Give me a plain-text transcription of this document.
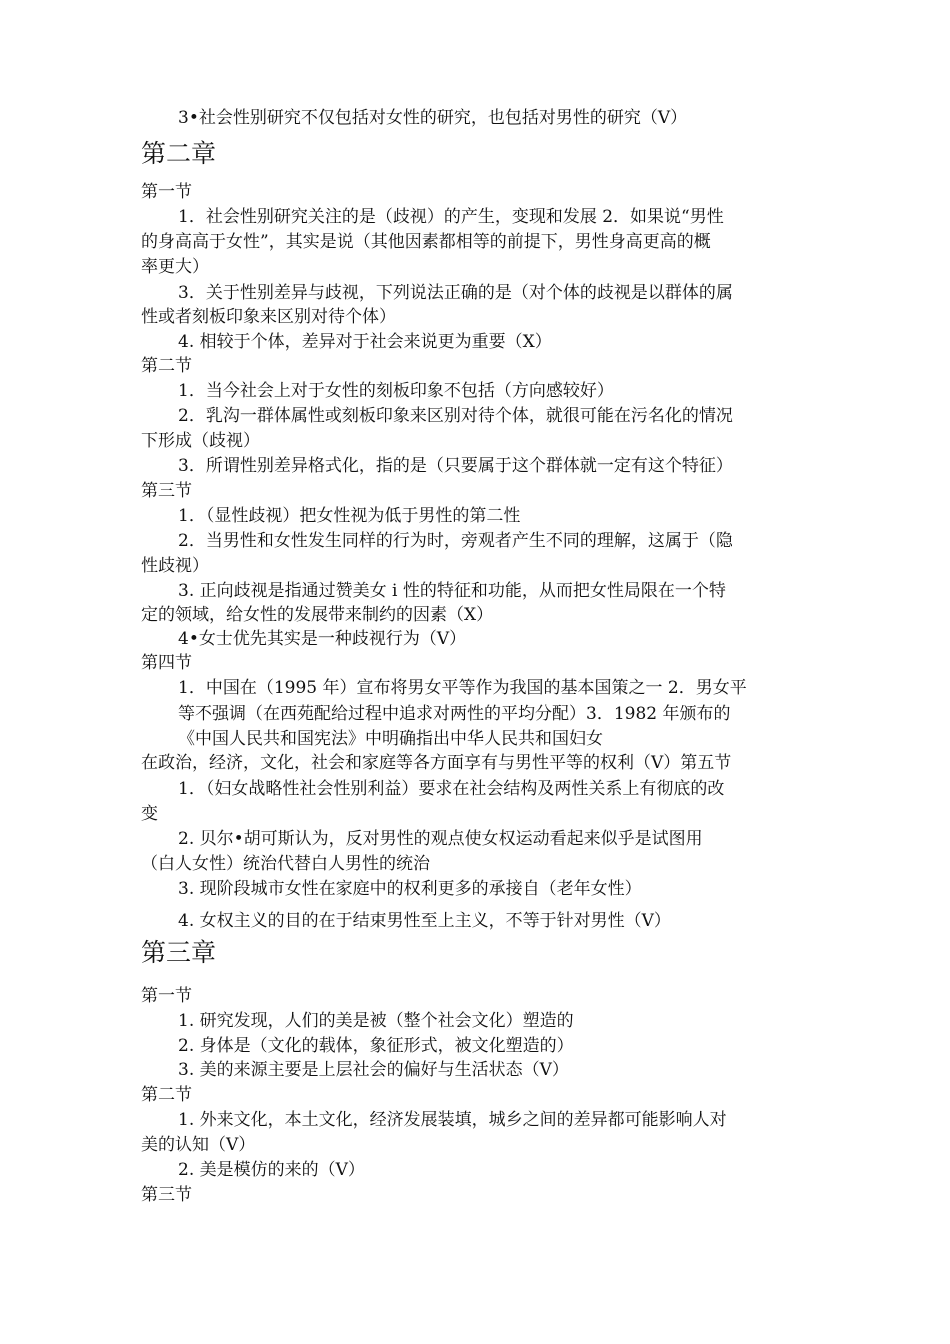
3•社会性别研究不仅包括对女性的研究，也包括对男性的研究（V）
第二章
第一节
1．社会性别研究关注的是（歧视）的产生，变现和发展 2．如果说“男性
的身高高于女性”，其实是说（其他因素都相等的前提下，男性身高更高的概
率更大）
3．关于性别差异与歧视，下列说法正确的是（对个体的歧视是以群体的属
性或者刻板印象来区别对待个体）
4. 相较于个体，差异对于社会来说更为重要（X）
第二节
1．当今社会上对于女性的刻板印象不包括（方向感较好）
2．乳沟一群体属性或刻板印象来区别对待个体，就很可能在污名化的情况
下形成（歧视）
3．所谓性别差异格式化，指的是（只要属于这个群体就一定有这个特征）
第三节
1．（显性歧视）把女性视为低于男性的第二性
2．当男性和女性发生同样的行为时，旁观者产生不同的理解，这属于（隐
性歧视）
3. 正向歧视是指通过赞美女 i 性的特征和功能，从而把女性局限在一个特
定的领域，给女性的发展带来制约的因素（X）
4•女士优先其实是一种歧视行为（V）
第四节
1．中国在（1995 年）宣布将男女平等作为我国的基本国策之一 2．男女平
等不强调（在西苑配给过程中追求对两性的平均分配）3．1982 年颁布的
《中国人民共和国宪法》中明确指出中华人民共和国妇女
在政治，经济，文化，社会和家庭等各方面享有与男性平等的权利（V）第五节
1．（妇女战略性社会性别利益）要求在社会结构及两性关系上有彻底的改
变
2. 贝尔•胡可斯认为，反对男性的观点使女权运动看起来似乎是试图用
（白人女性）统治代替白人男性的统治
3. 现阶段城市女性在家庭中的权利更多的承接自（老年女性）
4. 女权主义的目的在于结束男性至上主义，不等于针对男性（V）
第三章
第一节
1. 研究发现，人们的美是被（整个社会文化）塑造的
2. 身体是（文化的载体，象征形式，被文化塑造的）
3. 美的来源主要是上层社会的偏好与生活状态（V）
第二节
1. 外来文化，本土文化，经济发展装填，城乡之间的差异都可能影响人对
美的认知（V）
2. 美是模仿的来的（V）
第三节
